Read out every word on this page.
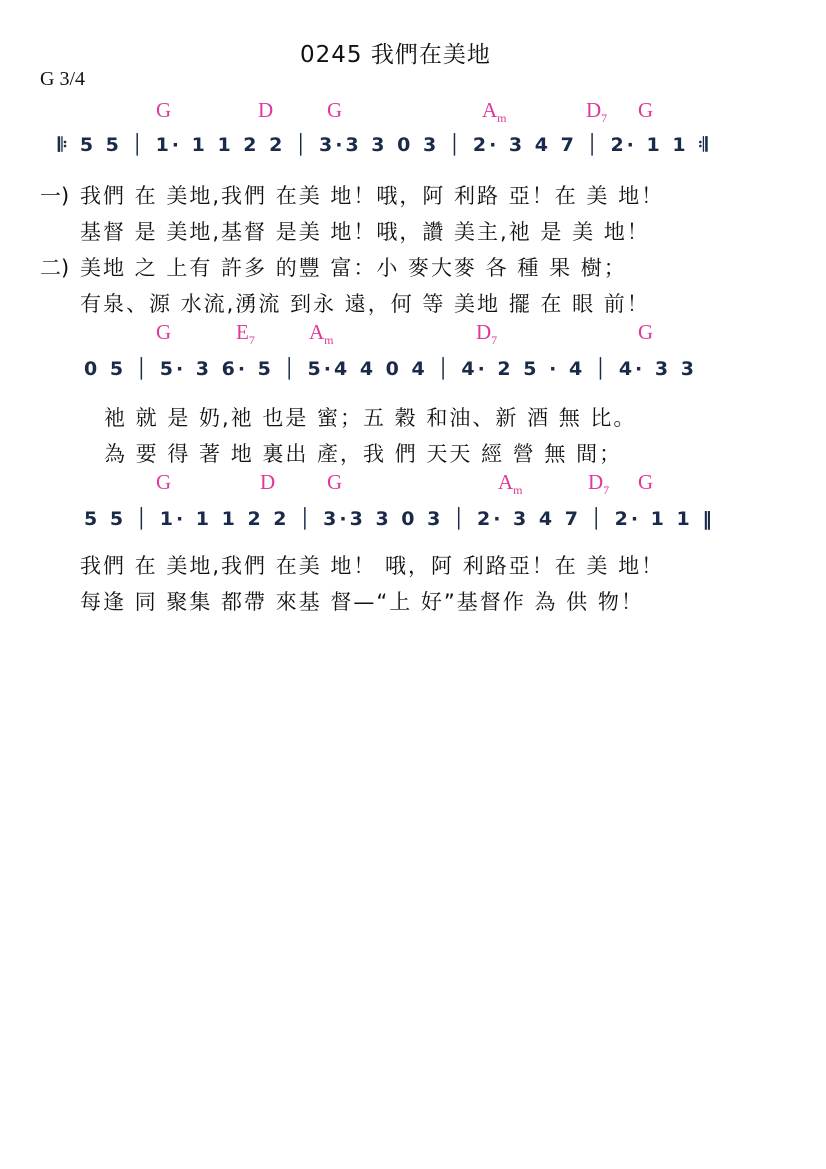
0245 我們在美地
G 3/4
G	D	G	$A_m$	$D_7$ G
𝄆 5 5 │ 1· 1 1 2 2 │ 3·3 3 0 3 │ 2· 3 4 7 │ 2· 1 1 𝄇
一) 我們 在 美地,我們 在美 地！哦，阿 利路 亞！在 美 地！
基督 是 美地,基督 是美 地！哦，讚 美主,祂 是 美 地！
二) 美地 之 上有 許多 的豐 富：小 麥大麥 各 種 果 樹；
有泉、源 水流,湧流 到永 遠，何 等 美地 擺 在 眼 前！
G	$E_7$	$A_m$	$D_7$	G
0 5 │ 5· 3 6· 5 │ 5·4 4 0 4 │ 4· 2 5 · 4 │ 4· 3 3
祂 就 是 奶,祂 也是 蜜；五 穀 和油、新 酒 無 比。
為 要 得 著 地 裏出 產，我 們 天天 經 營 無 間；
G	D G	$A_m$	$D_7$ G
5 5 │ 1· 1 1 2 2 │ 3·3 3 0 3 │ 2· 3 4 7 │ 2· 1 1 ‖
我們 在 美地,我們 在美 地！ 哦，阿 利路亞！在 美 地！
每逢 同 聚集 都帶 來基 督—“上 好”基督作 為 供 物！
